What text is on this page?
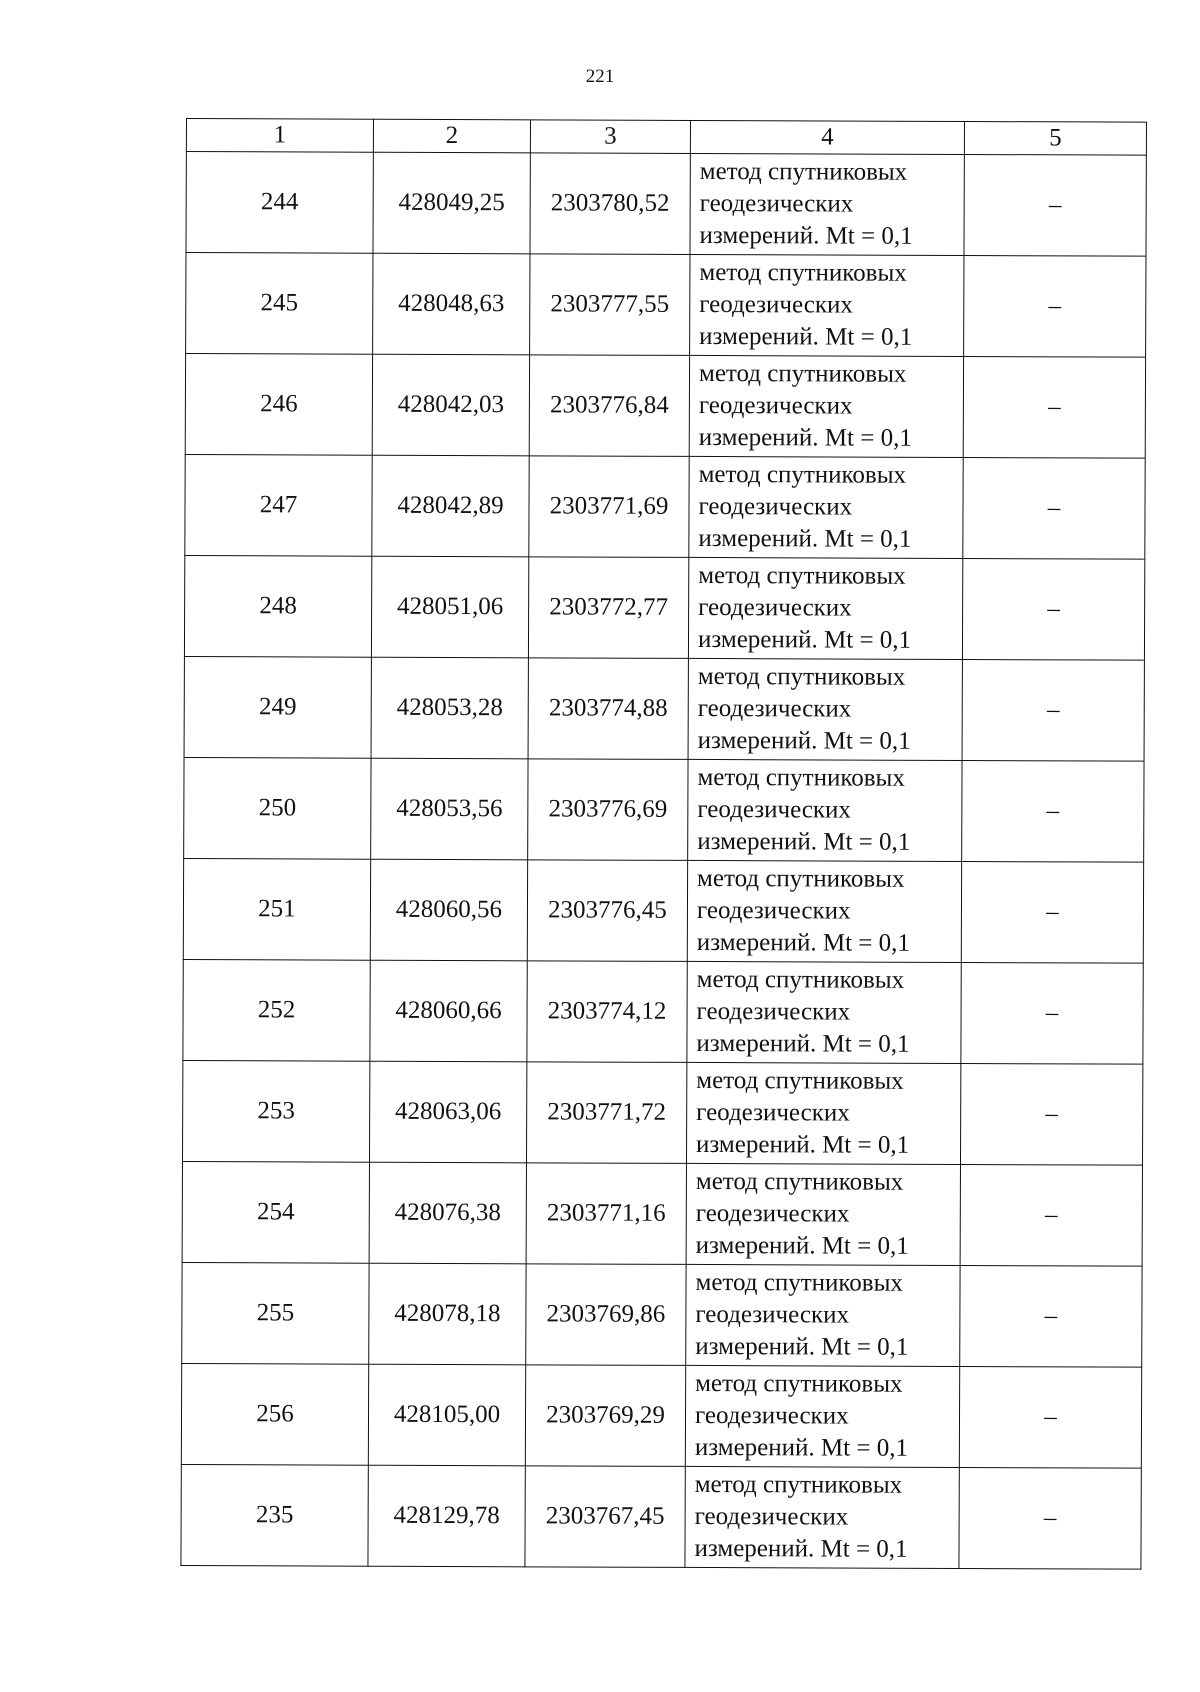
221
1	2	3	4	5
244	428049,25	2303780,52	метод спутниковых
геодезических
измерений. Mt = 0,1	–
245	428048,63	2303777,55	метод спутниковых
геодезических
измерений. Mt = 0,1	–
246	428042,03	2303776,84	метод спутниковых
геодезических
измерений. Mt = 0,1	–
247	428042,89	2303771,69	метод спутниковых
геодезических
измерений. Mt = 0,1	–
248	428051,06	2303772,77	метод спутниковых
геодезических
измерений. Mt = 0,1	–
249	428053,28	2303774,88	метод спутниковых
геодезических
измерений. Mt = 0,1	–
250	428053,56	2303776,69	метод спутниковых
геодезических
измерений. Mt = 0,1	–
251	428060,56	2303776,45	метод спутниковых
геодезических
измерений. Mt = 0,1	–
252	428060,66	2303774,12	метод спутниковых
геодезических
измерений. Mt = 0,1	–
253	428063,06	2303771,72	метод спутниковых
геодезических
измерений. Mt = 0,1	–
254	428076,38	2303771,16	метод спутниковых
геодезических
измерений. Mt = 0,1	–
255	428078,18	2303769,86	метод спутниковых
геодезических
измерений. Mt = 0,1	–
256	428105,00	2303769,29	метод спутниковых
геодезических
измерений. Mt = 0,1	–
235	428129,78	2303767,45	метод спутниковых
геодезических
измерений. Mt = 0,1	–
